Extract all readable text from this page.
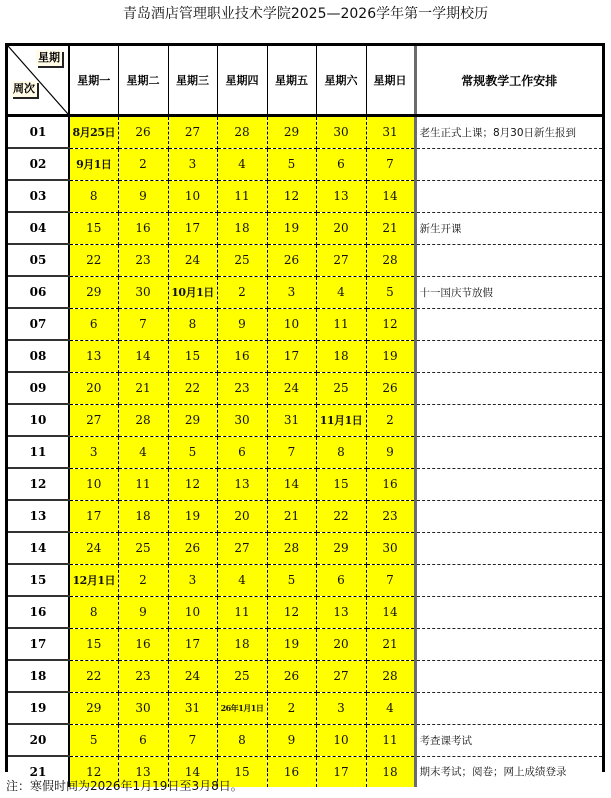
青岛酒店管理职业技术学院2025—2026学年第一学期校历
星期
周次	星期一	星期二	星期三	星期四	星期五	星期六	星期日	常规教学工作安排
01	8月25日	26	27	28	29	30	31	老生正式上课；8月30日新生报到
02	9月1日	2	3	4	5	6	7	
03	8	9	10	11	12	13	14	
04	15	16	17	18	19	20	21	新生开课
05	22	23	24	25	26	27	28	
06	29	30	10月1日	2	3	4	5	十一国庆节放假
07	6	7	8	9	10	11	12	
08	13	14	15	16	17	18	19	
09	20	21	22	23	24	25	26	
10	27	28	29	30	31	11月1日	2	
11	3	4	5	6	7	8	9	
12	10	11	12	13	14	15	16	
13	17	18	19	20	21	22	23	
14	24	25	26	27	28	29	30	
15	12月1日	2	3	4	5	6	7	
16	8	9	10	11	12	13	14	
17	15	16	17	18	19	20	21	
18	22	23	24	25	26	27	28	
19	29	30	31	26年1月1日	2	3	4	
20	5	6	7	8	9	10	11	考查课考试
21	12	13	14	15	16	17	18	期末考试；阅卷；网上成绩登录
注：寒假时间为2026年1月19日至3月8日。
